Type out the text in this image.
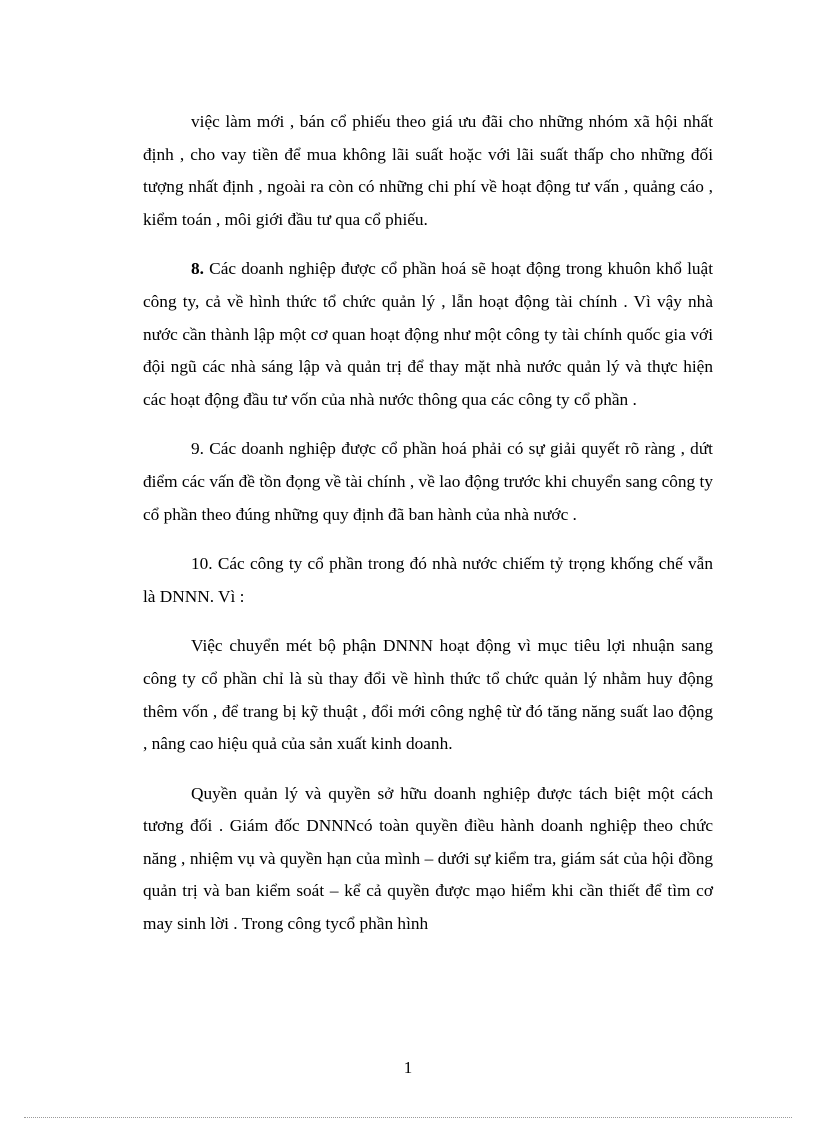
việc làm mới , bán cổ phiếu theo giá ưu đãi cho những nhóm xã hội nhất định , cho vay tiền để mua không lãi suất hoặc với lãi suất thấp cho những đối tượng nhất định , ngoài ra còn có những chi phí về hoạt động tư vấn , quảng cáo , kiểm toán , môi giới đầu tư qua cổ phiếu.

8. Các doanh nghiệp được cổ phần hoá sẽ hoạt động trong khuôn khổ luật công ty, cả về hình thức tổ chức quản lý , lẫn hoạt động tài chính . Vì vậy nhà nước cần thành lập một cơ quan hoạt động như một công ty tài chính quốc gia với đội ngũ các nhà sáng lập và quản trị để thay mặt nhà nước quản lý và thực hiện các hoạt động đầu tư vốn của nhà nước thông qua các công ty cổ phần .

9. Các doanh nghiệp được cổ phần hoá phải có sự giải quyết rõ ràng , dứt điểm các vấn đề tồn đọng về tài chính , về lao động trước khi chuyển sang công ty cổ phần theo đúng những quy định đã ban hành của nhà nước .

10. Các công ty cổ phần trong đó nhà nước chiếm tỷ trọng khống chế vẫn là DNNN. Vì :

Việc chuyển mét bộ phận DNNN hoạt động vì mục tiêu lợi nhuận sang công ty cổ phần chỉ là sù thay đổi về hình thức tổ chức quản lý nhằm huy động thêm vốn , để trang bị kỹ thuật , đổi mới công nghệ từ đó tăng năng suất lao động , nâng cao hiệu quả của sản xuất kinh doanh.

Quyền quản lý và quyền sở hữu doanh nghiệp được tách biệt một cách tương đối . Giám đốc DNNNcó toàn quyền điều hành doanh nghiệp theo chức năng , nhiệm vụ và quyền hạn của mình – dưới sự kiểm tra, giám sát của hội đồng quản trị và ban kiểm soát – kể cả quyền được mạo hiểm khi cần thiết để tìm cơ may sinh lời . Trong công tycổ phần hình

1
